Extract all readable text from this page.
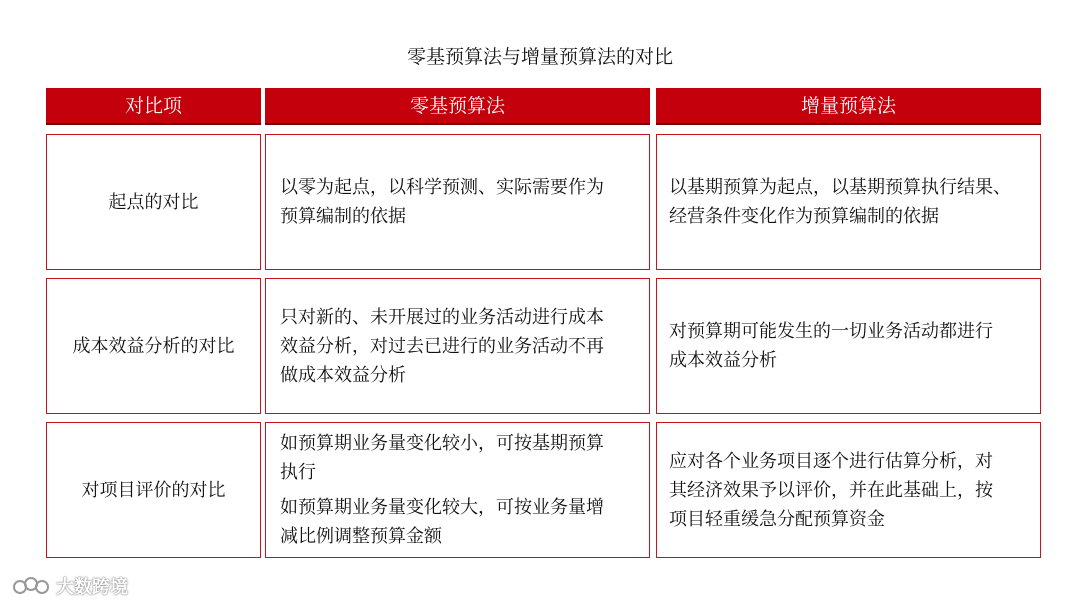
零基预算法与增量预算法的对比
对比项	零基预算法	增量预算法
起点的对比
以零为起点，以科学预测、实际需要作为
预算编制的依据
以基期预算为起点，以基期预算执行结果、
经营条件变化作为预算编制的依据
成本效益分析的对比
只对新的、未开展过的业务活动进行成本
效益分析，对过去已进行的业务活动不再
做成本效益分析
对预算期可能发生的一切业务活动都进行
成本效益分析
对项目评价的对比

如预算期业务量变化较小，可按基期预算
执行

如预算期业务量变化较大，可按业务量增
减比例调整预算金额

应对各个业务项目逐个进行估算分析，对
其经济效果予以评价，并在此基础上，按
项目轻重缓急分配预算资金
大数跨境
